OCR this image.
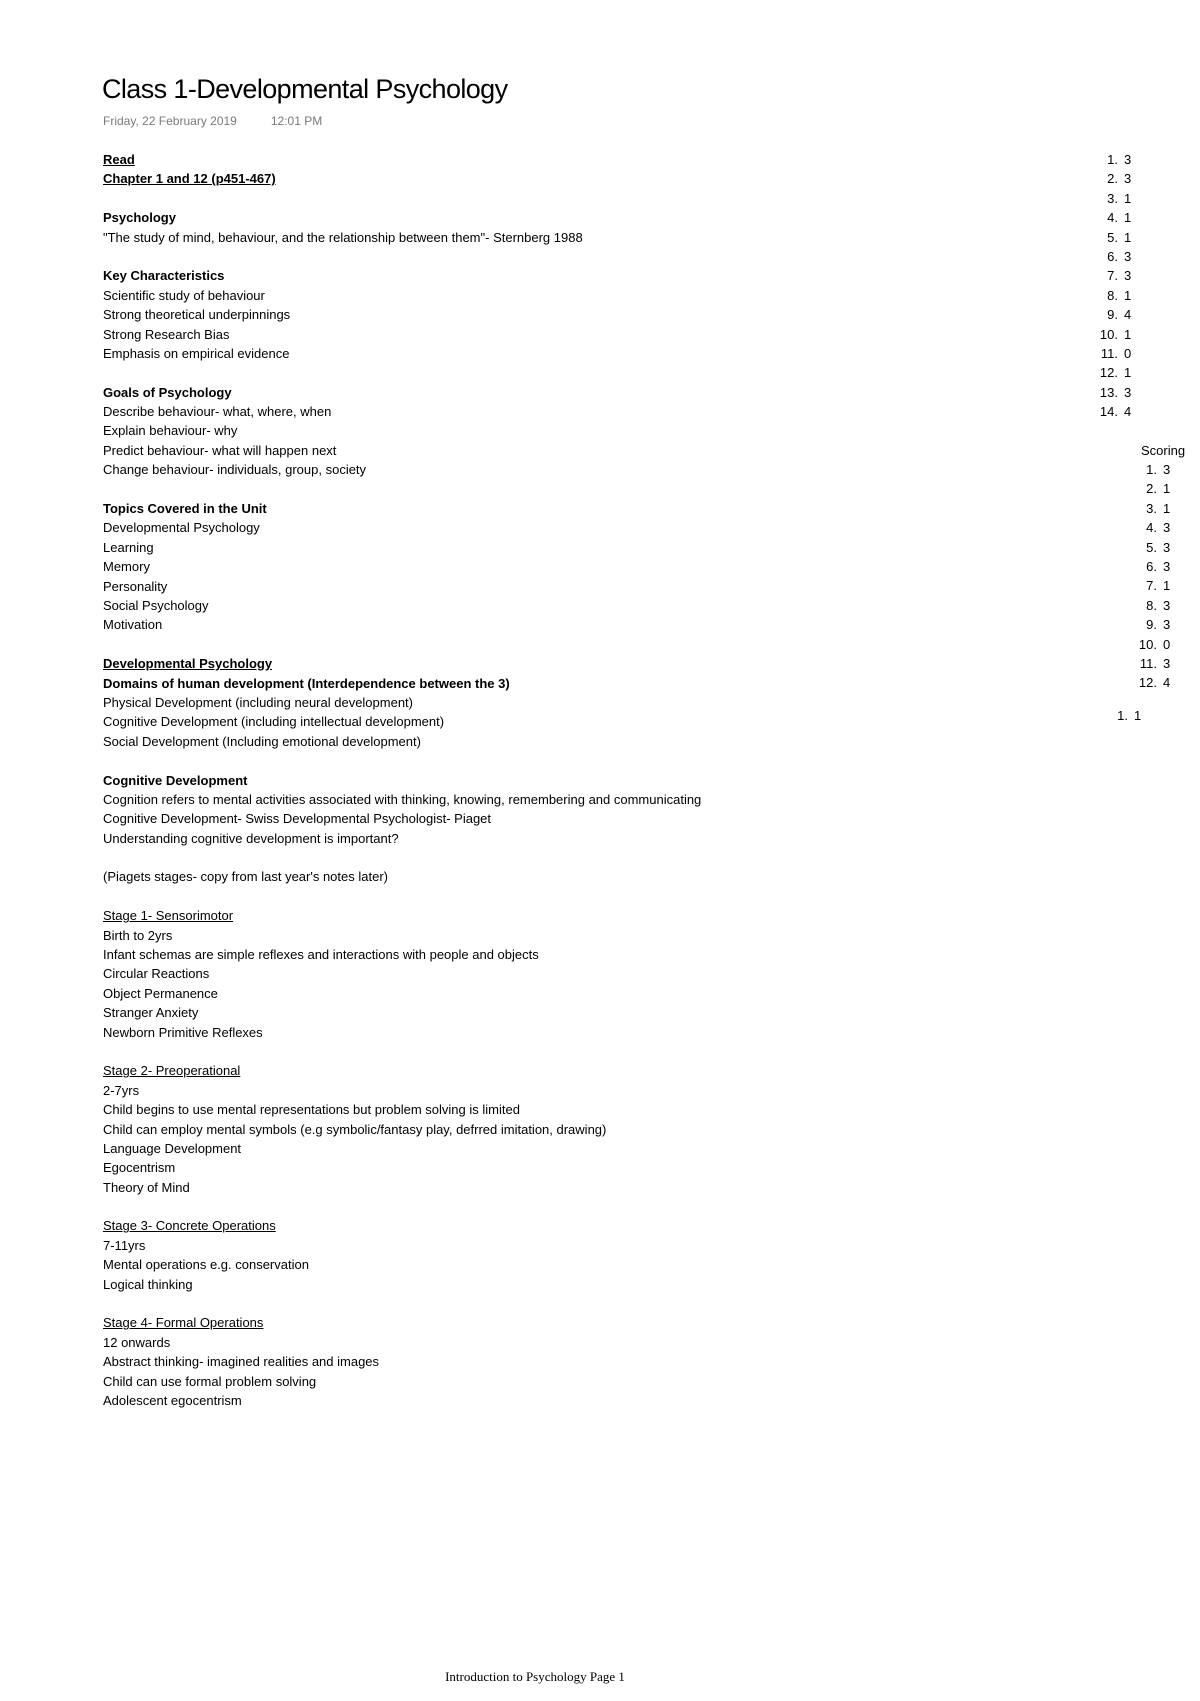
Class 1-Developmental Psychology
Friday, 22 February 2019	12:01 PM
Read
Chapter 1 and 12 (p451-467)
Psychology
"The study of mind, behaviour, and the relationship between them"- Sternberg 1988
Key Characteristics
Scientific study of behaviour
Strong theoretical underpinnings
Strong Research Bias
Emphasis on empirical evidence
Goals of Psychology
Describe behaviour- what, where, when
Explain behaviour- why
Predict behaviour- what will happen next
Change behaviour- individuals, group, society
Topics Covered in the Unit
Developmental Psychology
Learning
Memory
Personality
Social Psychology
Motivation
Developmental Psychology
Domains of human development (Interdependence between the 3)
Physical Development (including neural development)
Cognitive Development (including intellectual development)
Social Development (Including emotional development)
Cognitive Development
Cognition refers to mental activities associated with thinking, knowing, remembering and communicating
Cognitive Development- Swiss Developmental Psychologist- Piaget
Understanding cognitive development is important?
(Piagets stages- copy from last year's notes later)
Stage 1- Sensorimotor
Birth to 2yrs
Infant schemas are simple reflexes and interactions with people and objects
Circular Reactions
Object Permanence
Stranger Anxiety
Newborn Primitive Reflexes
Stage 2- Preoperational
2-7yrs
Child begins to use mental representations but problem solving is limited
Child can employ mental symbols (e.g symbolic/fantasy play, defrred imitation, drawing)
Language Development
Egocentrism
Theory of Mind
Stage 3- Concrete Operations
7-11yrs
Mental operations e.g. conservation
Logical thinking
Stage 4- Formal Operations
12 onwards
Abstract thinking- imagined realities and images
Child can use formal problem solving
Adolescent egocentrism
1. 3
2. 3
3. 1
4. 1
5. 1
6. 3
7. 3
8. 1
9. 4
10. 1
11. 0
12. 1
13. 3
14. 4
Scoring
1. 3
2. 1
3. 1
4. 3
5. 3
6. 3
7. 1
8. 3
9. 3
10. 0
11. 3
12. 4
1. 1
Introduction to Psychology Page 1
